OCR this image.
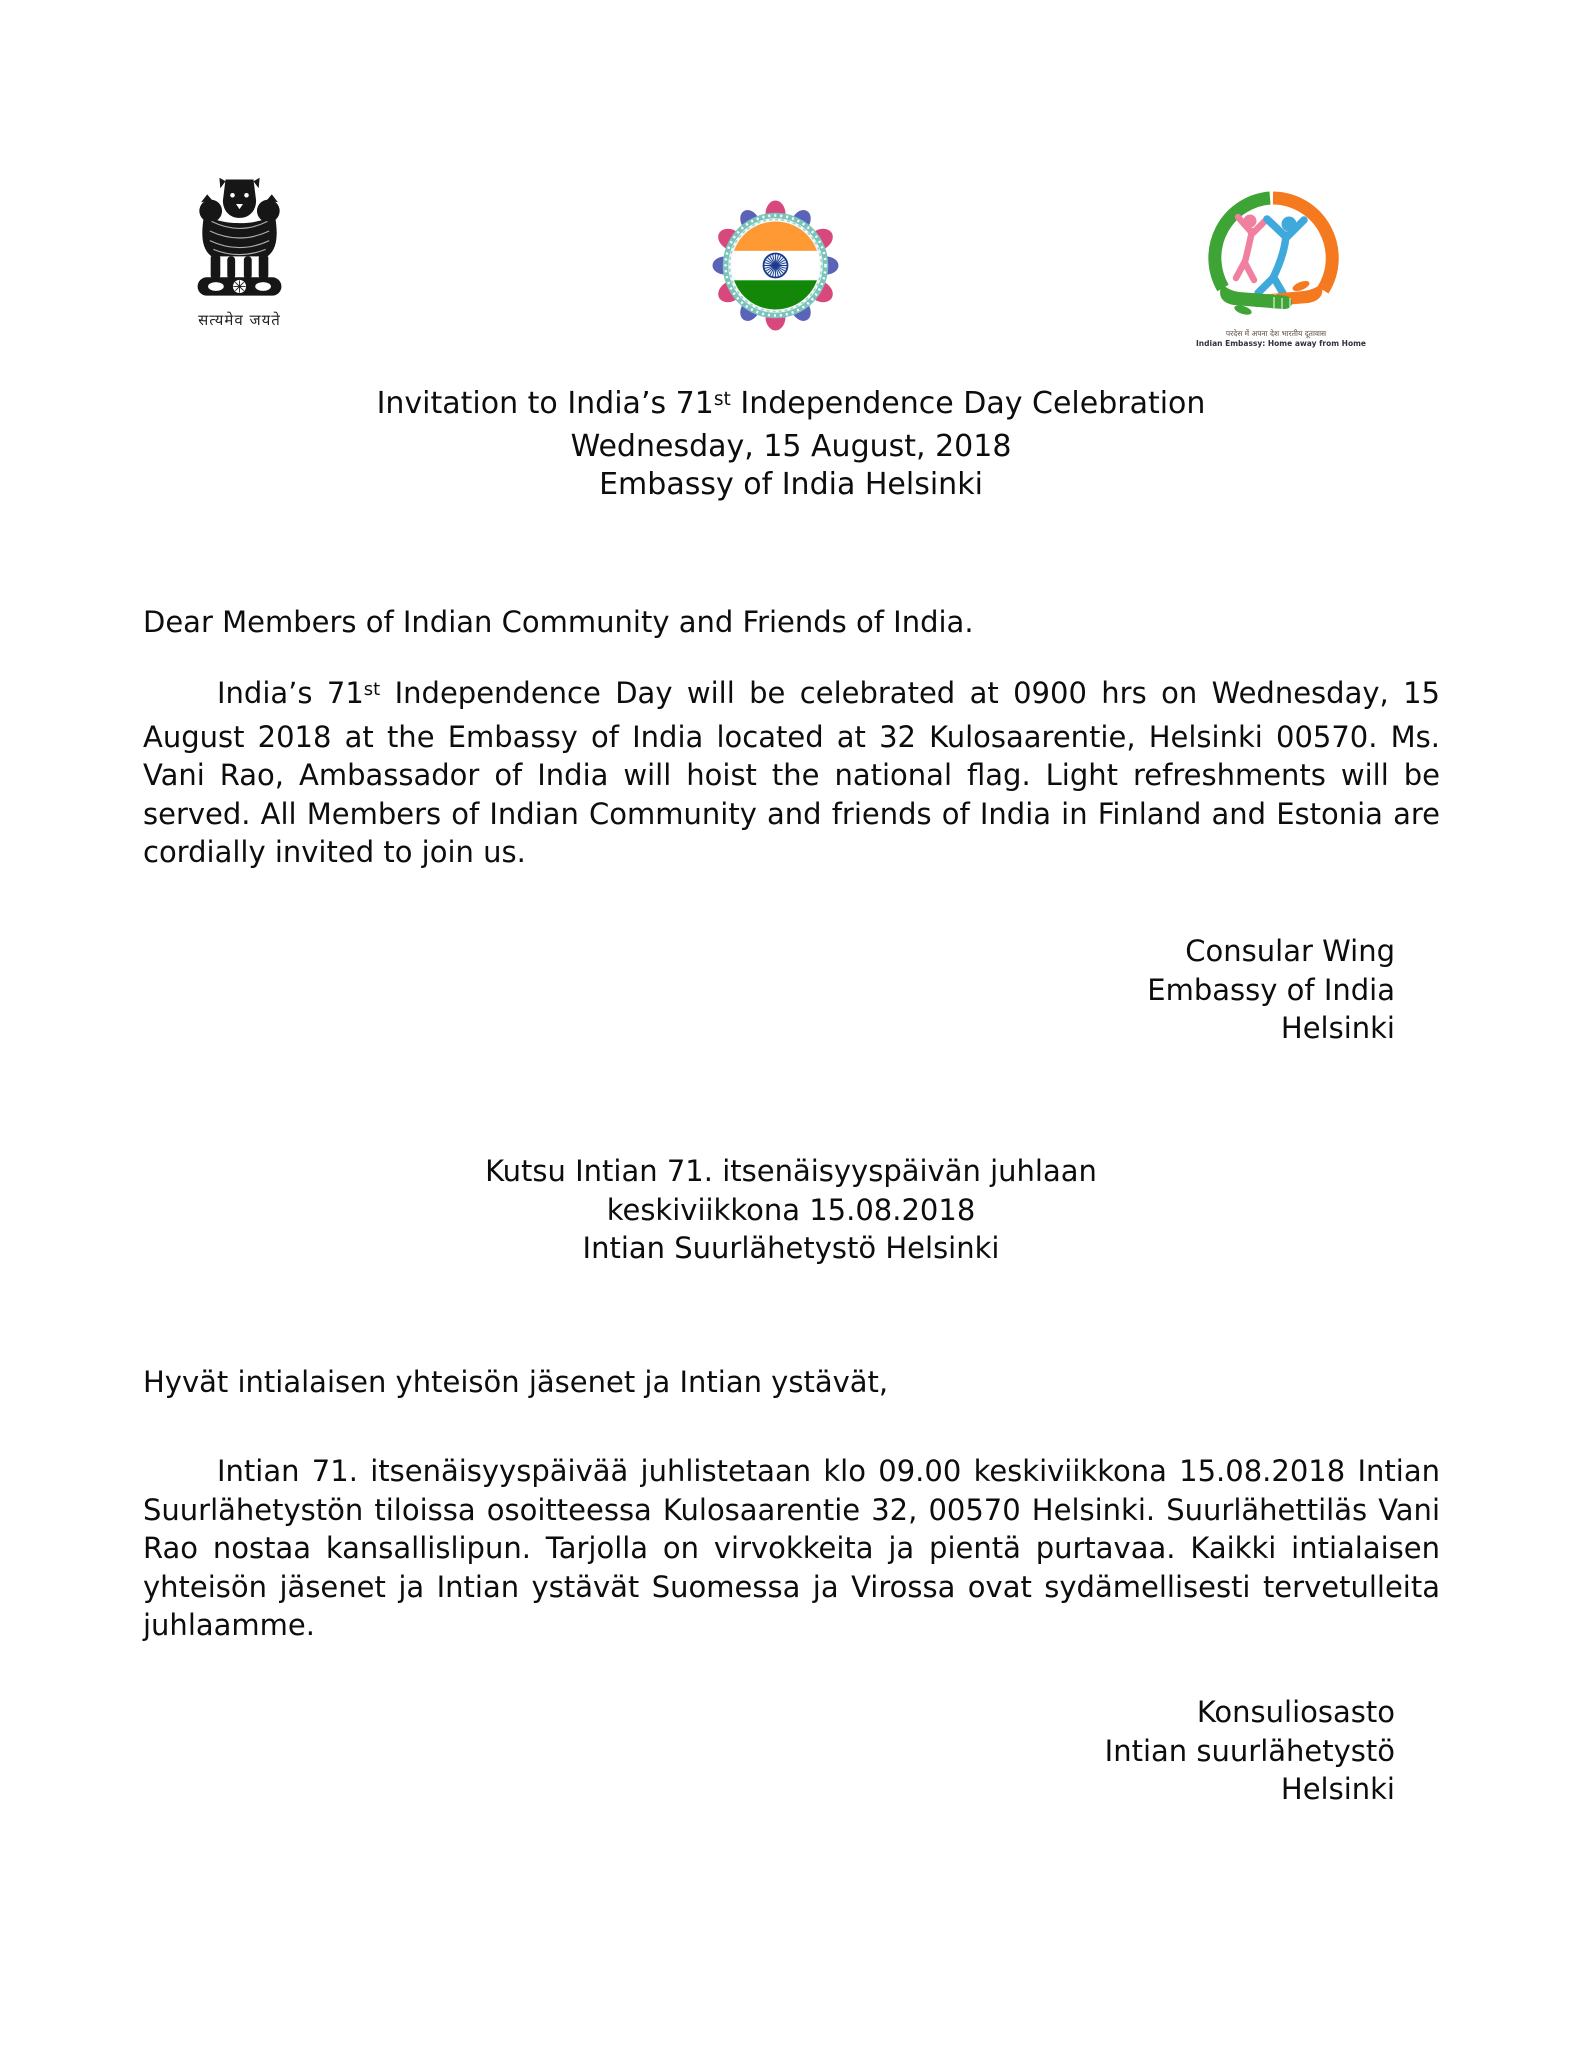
सत्यमेव जयते
परदेस में अपना देश भारतीय दूतावास
Indian Embassy: Home away from Home
Invitation to India’s 71st Independence Day Celebration
Wednesday, 15 August, 2018
Embassy of India Helsinki
Dear Members of Indian Community and Friends of India.

India’s 71st Independence Day will be celebrated at 0900 hrs on Wednesday, 15 August 2018 at the Embassy of India located at 32 Kulosaarentie, Helsinki 00570. Ms. Vani Rao, Ambassador of India will hoist the national flag. Light refreshments will be served. All Members of Indian Community and friends of India in Finland and Estonia are cordially invited to join us.

Consular Wing
Embassy of India
Helsinki
Kutsu Intian 71. itsenäisyyspäivän juhlaan
keskiviikkona 15.08.2018
Intian Suurlähetystö Helsinki
Hyvät intialaisen yhteisön jäsenet ja Intian ystävät,

Intian 71. itsenäisyyspäivää juhlistetaan klo 09.00 keskiviikkona 15.08.2018 Intian Suurlähetystön tiloissa osoitteessa Kulosaarentie 32, 00570 Helsinki. Suurlähettiläs Vani Rao nostaa kansallislipun. Tarjolla on virvokkeita ja pientä purtavaa. Kaikki intialaisen yhteisön jäsenet ja Intian ystävät Suomessa ja Virossa ovat sydämellisesti tervetulleita juhlaamme.

Konsuliosasto
Intian suurlähetystö
Helsinki
